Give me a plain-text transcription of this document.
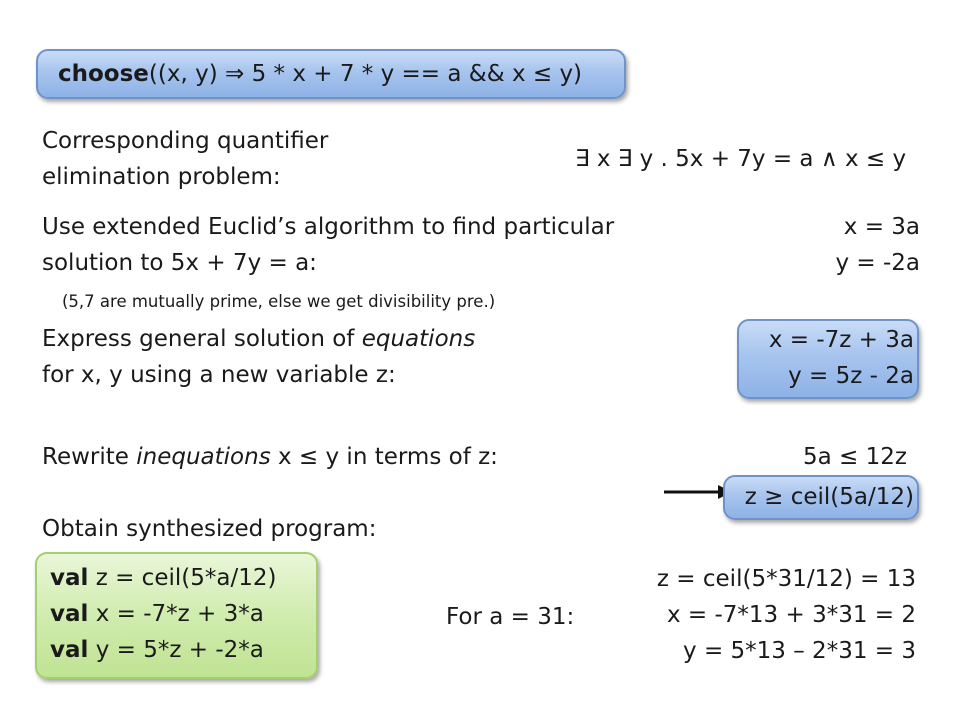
choose((x, y) ⇒ 5 * x + 7 * y == a && x ≤ y)
Corresponding quantifier
elimination problem:
∃ x ∃ y . 5x + 7y = a ∧ x ≤ y
Use extended Euclid’s algorithm to find particular
solution to 5x + 7y = a:
x = 3a
y = -2a
(5,7 are mutually prime, else we get divisibility pre.)
Express general solution of equations
for x, y using a new variable z:
x = -7z + 3a
y = 5z - 2a
Rewrite inequations x ≤ y in terms of z:	5a ≤ 12z
z ≥ ceil(5a/12)
Obtain synthesized program:
val z = ceil(5*a/12)
val x = -7*z + 3*a
val y = 5*z + -2*a
For a = 31:
z = ceil(5*31/12) = 13
x = -7*13 + 3*31 = 2
y = 5*13 – 2*31 = 3
